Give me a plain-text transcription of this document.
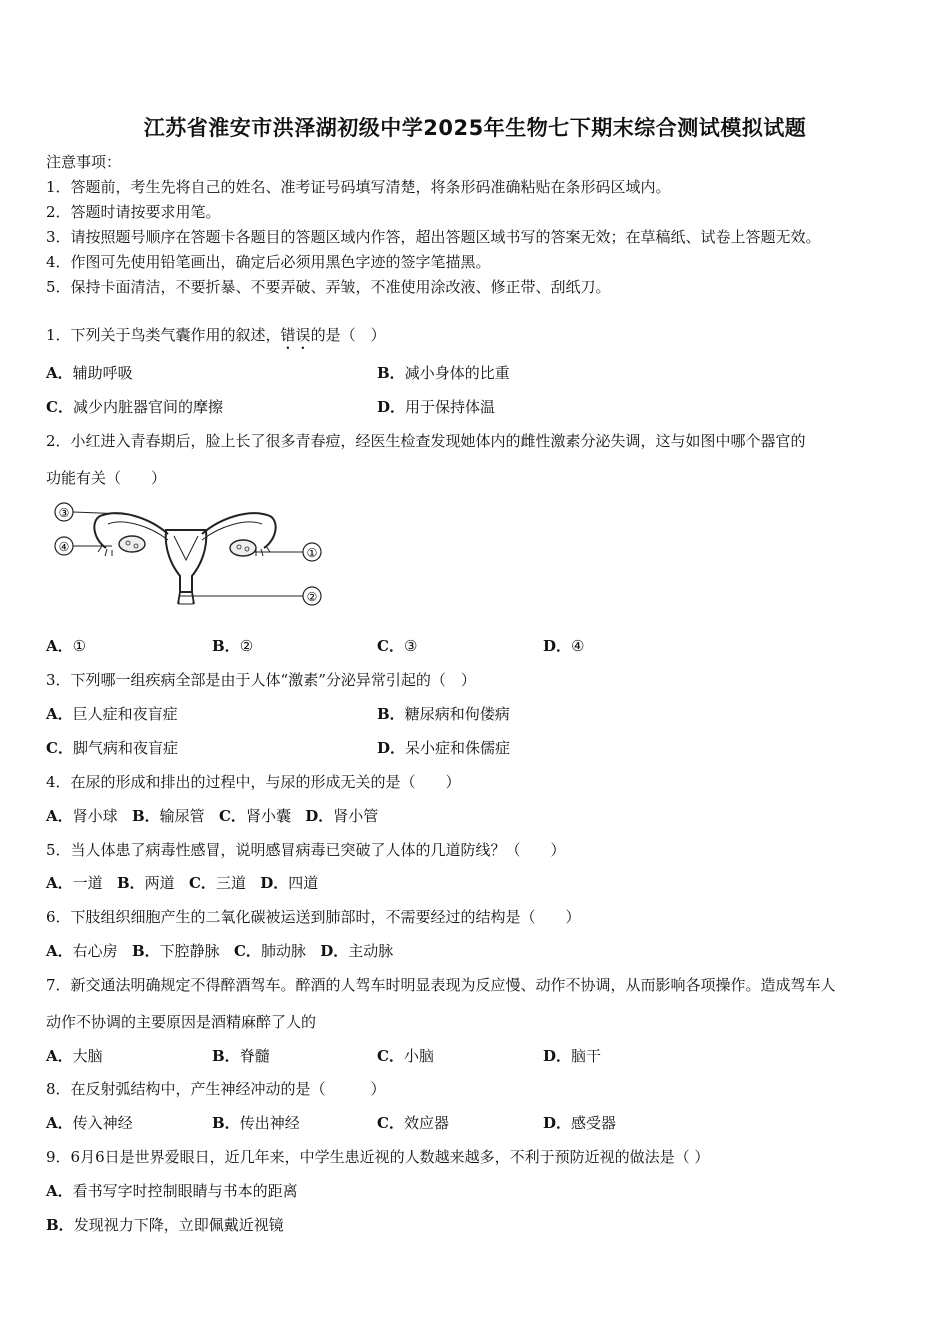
江苏省淮安市洪泽湖初级中学2025年生物七下期末综合测试模拟试题
注意事项：
1．答题前，考生先将自己的姓名、准考证号码填写清楚，将条形码准确粘贴在条形码区域内。
2．答题时请按要求用笔。
3．请按照题号顺序在答题卡各题目的答题区域内作答，超出答题区域书写的答案无效；在草稿纸、试卷上答题无效。
4．作图可先使用铅笔画出，确定后必须用黑色字迹的签字笔描黑。
5．保持卡面清洁，不要折暴、不要弄破、弄皱，不准使用涂改液、修正带、刮纸刀。
1．下列关于鸟类气囊作用的叙述，错误的是（　）
A．辅助呼吸	B．减小身体的比重
C．减少内脏器官间的摩擦	D．用于保持体温
2．小红进入青春期后，脸上长了很多青春痘，经医生检查发现她体内的雌性激素分泌失调，这与如图中哪个器官的
功能有关（　　）
③
④	①
②
A．①	B．②	C．③	D．④
3．下列哪一组疾病全部是由于人体“激素”分泌异常引起的（　）
A．巨人症和夜盲症	B．糖尿病和佝偻病
C．脚气病和夜盲症	D．呆小症和侏儒症
4．在尿的形成和排出的过程中，与尿的形成无关的是（　　）
A．肾小球 B．输尿管 C．肾小囊 D．肾小管
5．当人体患了病毒性感冒，说明感冒病毒已突破了人体的几道防线？（　　）
A．一道 B．两道 C．三道 D．四道
6．下肢组织细胞产生的二氧化碳被运送到肺部时，不需要经过的结构是（　　）
A．右心房 B．下腔静脉 C．肺动脉 D．主动脉
7．新交通法明确规定不得醉酒驾车。醉酒的人驾车时明显表现为反应慢、动作不协调，从而影响各项操作。造成驾车人
动作不协调的主要原因是酒精麻醉了人的
A．大脑	B．脊髓	C．小脑	D．脑干
8．在反射弧结构中，产生神经冲动的是（　　　）
A．传入神经	B．传出神经	C．效应器	D．感受器
9．6月6日是世界爱眼日，近几年来，中学生患近视的人数越来越多，不利于预防近视的做法是（ ）
A．看书写字时控制眼睛与书本的距离
B．发现视力下降，立即佩戴近视镜
